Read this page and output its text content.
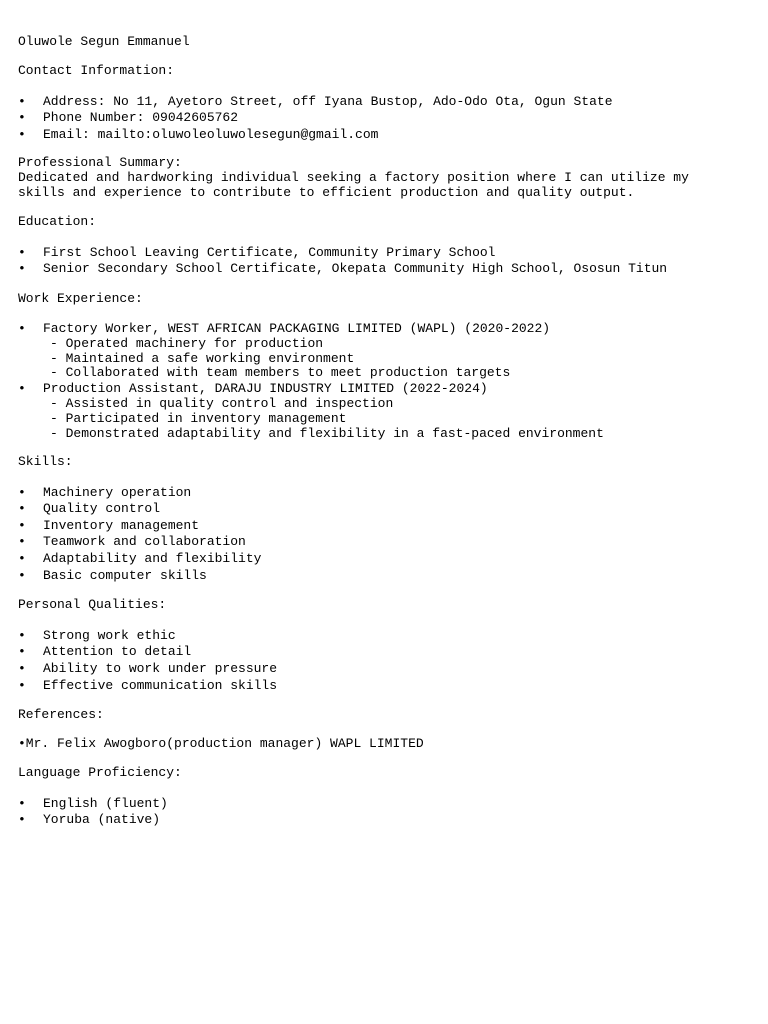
Oluwole Segun Emmanuel
Contact Information:
• Address: No 11, Ayetoro Street, off Iyana Bustop, Ado-Odo Ota, Ogun State
• Phone Number: 09042605762
• Email: mailto:oluwoleoluwolesegun@gmail.com
Professional Summary:
Dedicated and hardworking individual seeking a factory position where I can utilize my
skills and experience to contribute to efficient production and quality output.
Education:
• First School Leaving Certificate, Community Primary School
• Senior Secondary School Certificate, Okepata Community High School, Ososun Titun
Work Experience:
• Factory Worker, WEST AFRICAN PACKAGING LIMITED (WAPL) (2020-2022)
- Operated machinery for production
- Maintained a safe working environment
- Collaborated with team members to meet production targets
• Production Assistant, DARAJU INDUSTRY LIMITED (2022-2024)
- Assisted in quality control and inspection
- Participated in inventory management
- Demonstrated adaptability and flexibility in a fast-paced environment
Skills:
• Machinery operation
• Quality control
• Inventory management
• Teamwork and collaboration
• Adaptability and flexibility
• Basic computer skills
Personal Qualities:
• Strong work ethic
• Attention to detail
• Ability to work under pressure
• Effective communication skills
References:
•Mr. Felix Awogboro(production manager) WAPL LIMITED
Language Proficiency:
• English (fluent)
• Yoruba (native)
